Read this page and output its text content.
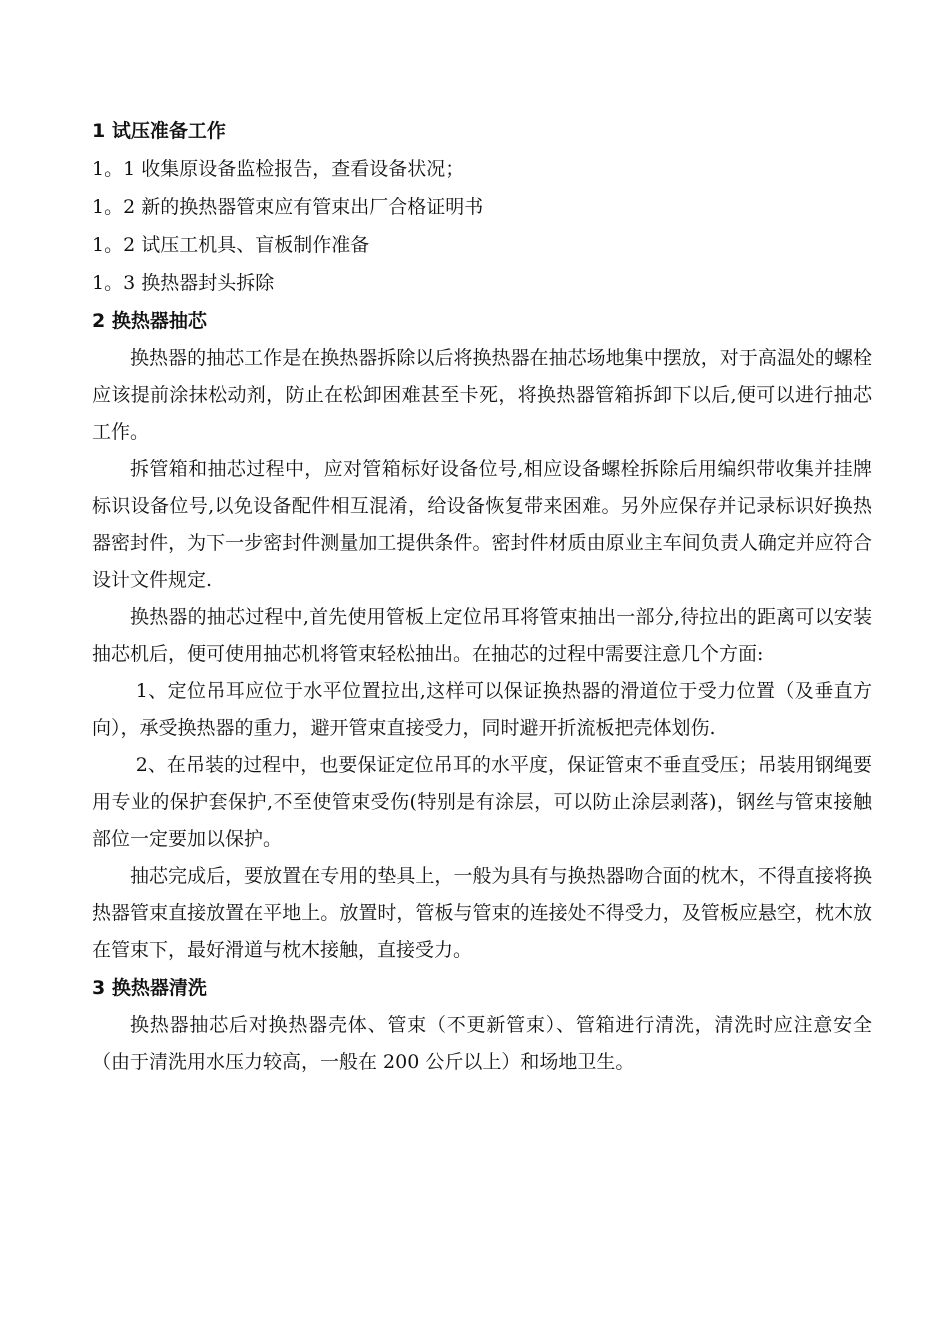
1 试压准备工作

1。1 收集原设备监检报告，查看设备状况；

1。2 新的换热器管束应有管束出厂合格证明书

1。2 试压工机具、盲板制作准备

1。3 换热器封头拆除

2 换热器抽芯

换热器的抽芯工作是在换热器拆除以后将换热器在抽芯场地集中摆放，对于高温处的螺栓应该提前涂抹松动剂，防止在松卸困难甚至卡死，将换热器管箱拆卸下以后,便可以进行抽芯工作。

拆管箱和抽芯过程中，应对管箱标好设备位号,相应设备螺栓拆除后用编织带收集并挂牌标识设备位号,以免设备配件相互混淆，给设备恢复带来困难。另外应保存并记录标识好换热器密封件，为下一步密封件测量加工提供条件。密封件材质由原业主车间负责人确定并应符合设计文件规定.

换热器的抽芯过程中,首先使用管板上定位吊耳将管束抽出一部分,待拉出的距离可以安装抽芯机后，便可使用抽芯机将管束轻松抽出。在抽芯的过程中需要注意几个方面:

1、定位吊耳应位于水平位置拉出,这样可以保证换热器的滑道位于受力位置（及垂直方向），承受换热器的重力，避开管束直接受力，同时避开折流板把壳体划伤.

2、在吊装的过程中，也要保证定位吊耳的水平度，保证管束不垂直受压；吊装用钢绳要用专业的保护套保护,不至使管束受伤(特别是有涂层，可以防止涂层剥落)，钢丝与管束接触部位一定要加以保护。

抽芯完成后，要放置在专用的垫具上，一般为具有与换热器吻合面的枕木，不得直接将换热器管束直接放置在平地上。放置时，管板与管束的连接处不得受力，及管板应悬空，枕木放在管束下，最好滑道与枕木接触，直接受力。

3 换热器清洗

换热器抽芯后对换热器壳体、管束（不更新管束）、管箱进行清洗，清洗时应注意安全（由于清洗用水压力较高，一般在 200 公斤以上）和场地卫生。
